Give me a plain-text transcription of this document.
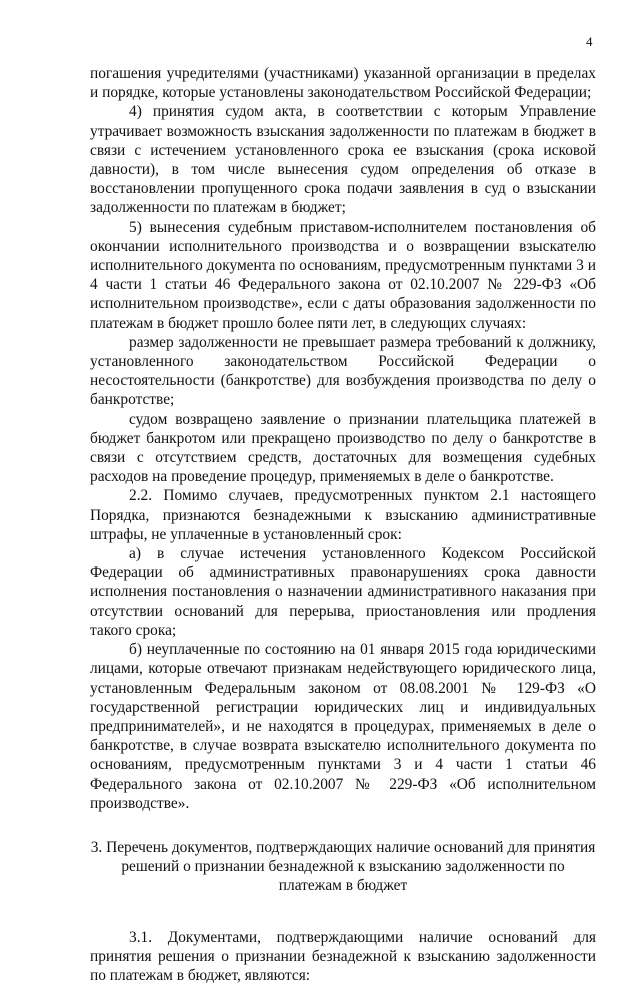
4

погашения учредителями (участниками) указанной организации в пределах и порядке, которые установлены законодательством Российской Федерации;

4) принятия судом акта, в соответствии с которым Управление утрачивает возможность взыскания задолженности по платежам в бюджет в связи с истечением установленного срока ее взыскания (срока исковой давности), в том числе вынесения судом определения об отказе в восстановлении пропущенного срока подачи заявления в суд о взыскании задолженности по платежам в бюджет;

5) вынесения судебным приставом-исполнителем постановления об окончании исполнительного производства и о возвращении взыскателю исполнительного документа по основаниям, предусмотренным пунктами 3 и 4 части 1 статьи 46 Федерального закона от 02.10.2007 № 229-ФЗ «Об исполнительном производстве», если с даты образования задолженности по платежам в бюджет прошло более пяти лет, в следующих случаях:

размер задолженности не превышает размера требований к должнику, установленного законодательством Российской Федерации о несостоятельности (банкротстве) для возбуждения производства по делу о банкротстве;

судом возвращено заявление о признании плательщика платежей в бюджет банкротом или прекращено производство по делу о банкротстве в связи с отсутствием средств, достаточных для возмещения судебных расходов на проведение процедур, применяемых в деле о банкротстве.

2.2. Помимо случаев, предусмотренных пунктом 2.1 настоящего Порядка, признаются безнадежными к взысканию административные штрафы, не уплаченные в установленный срок:

а) в случае истечения установленного Кодексом Российской Федерации об административных правонарушениях срока давности исполнения постановления о назначении административного наказания при отсутствии оснований для перерыва, приостановления или продления такого срока;

б) неуплаченные по состоянию на 01 января 2015 года юридическими лицами, которые отвечают признакам недействующего юридического лица, установленным Федеральным законом от 08.08.2001 № 129-ФЗ «О государственной регистрации юридических лиц и индивидуальных предпринимателей», и не находятся в процедурах, применяемых в деле о банкротстве, в случае возврата взыскателю исполнительного документа по основаниям, предусмотренным пунктами 3 и 4 части 1 статьи 46 Федерального закона от 02.10.2007 № 229-ФЗ «Об исполнительном производстве».

3. Перечень документов, подтверждающих наличие оснований для принятия решений о признании безнадежной к взысканию задолженности по платежам в бюджет

3.1. Документами, подтверждающими наличие оснований для принятия решения о признании безнадежной к взысканию задолженности по платежам в бюджет, являются:
